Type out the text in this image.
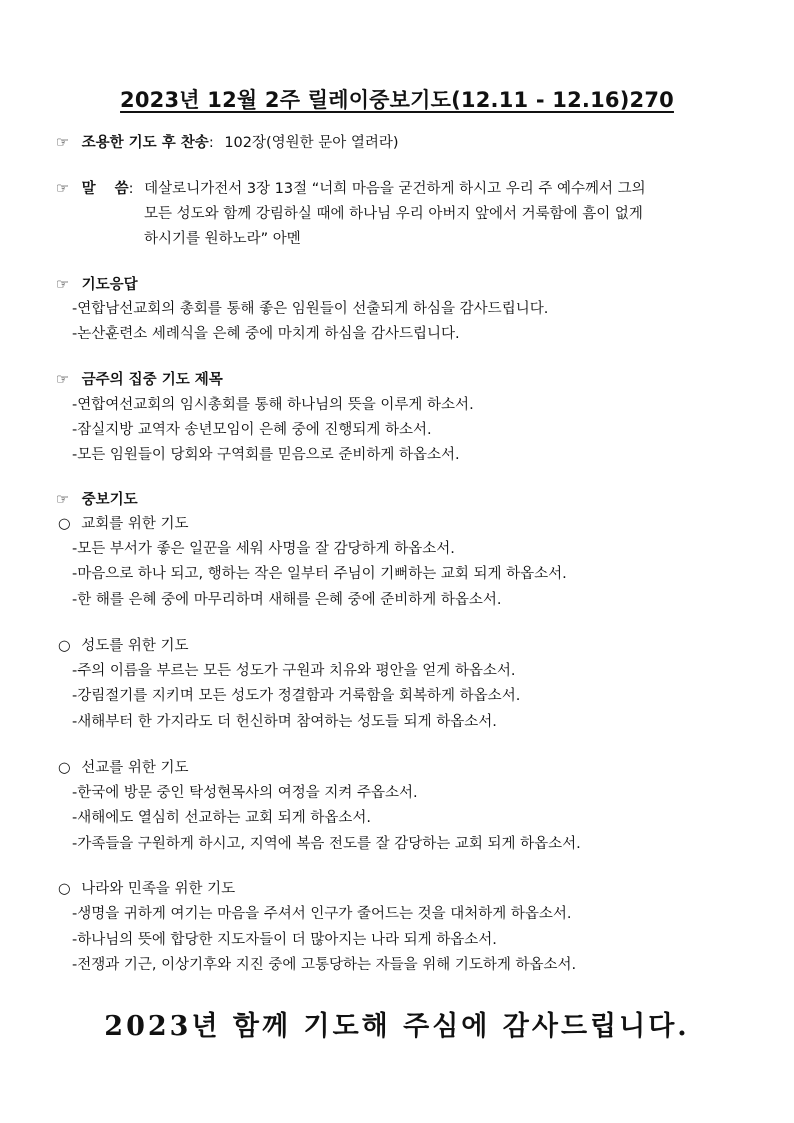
2023년 12월 2주 릴레이중보기도(12.11 - 12.16)270
☞ 조용한 기도 후 찬송: 102장(영원한 문아 열려라)
☞ 말 씀: 데살로니가전서 3장 13절 “너희 마음을 굳건하게 하시고 우리 주 예수께서 그의
모든 성도와 함께 강림하실 때에 하나님 우리 아버지 앞에서 거룩함에 흠이 없게
하시기를 원하노라” 아멘
☞ 기도응답
-연합남선교회의 총회를 통해 좋은 임원들이 선출되게 하심을 감사드립니다.
-논산훈련소 세례식을 은혜 중에 마치게 하심을 감사드립니다.
☞ 금주의 집중 기도 제목
-연합여선교회의 임시총회를 통해 하나님의 뜻을 이루게 하소서.
-잠실지방 교역자 송년모임이 은혜 중에 진행되게 하소서.
-모든 임원들이 당회와 구역회를 믿음으로 준비하게 하옵소서.
☞ 중보기도
○ 교회를 위한 기도
-모든 부서가 좋은 일꾼을 세워 사명을 잘 감당하게 하옵소서.
-마음으로 하나 되고, 행하는 작은 일부터 주님이 기뻐하는 교회 되게 하옵소서.
-한 해를 은혜 중에 마무리하며 새해를 은혜 중에 준비하게 하옵소서.
○ 성도를 위한 기도
-주의 이름을 부르는 모든 성도가 구원과 치유와 평안을 얻게 하옵소서.
-강림절기를 지키며 모든 성도가 정결함과 거룩함을 회복하게 하옵소서.
-새해부터 한 가지라도 더 헌신하며 참여하는 성도들 되게 하옵소서.
○ 선교를 위한 기도
-한국에 방문 중인 탁성현목사의 여정을 지켜 주옵소서.
-새해에도 열심히 선교하는 교회 되게 하옵소서.
-가족들을 구원하게 하시고, 지역에 복음 전도를 잘 감당하는 교회 되게 하옵소서.
○ 나라와 민족을 위한 기도
-생명을 귀하게 여기는 마음을 주셔서 인구가 줄어드는 것을 대처하게 하옵소서.
-하나님의 뜻에 합당한 지도자들이 더 많아지는 나라 되게 하옵소서.
-전쟁과 기근, 이상기후와 지진 중에 고통당하는 자들을 위해 기도하게 하옵소서.
2023년 함께 기도해 주심에 감사드립니다.
